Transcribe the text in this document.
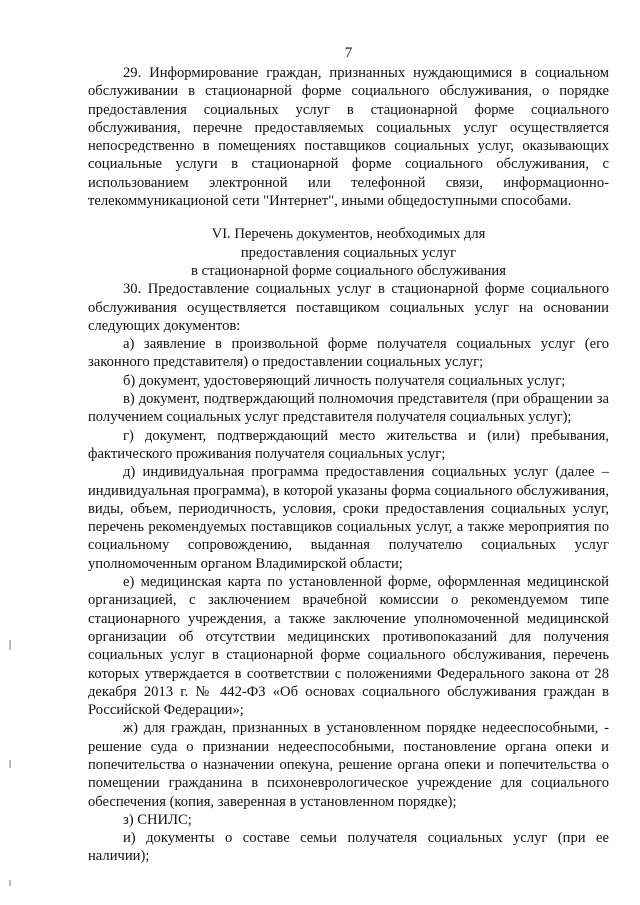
7

29. Информирование граждан, признанных нуждающимися в социальном обслуживании в стационарной форме социального обслуживания, о порядке предоставления социальных услуг в стационарной форме социального обслуживания, перечне предоставляемых социальных услуг осуществляется непосредственно в помещениях поставщиков социальных услуг, оказывающих социальные услуги в стационарной форме социального обслуживания, с использованием электронной или телефонной связи, информационно-телекоммуникационой сети "Интернет", иными общедоступными способами.

VI. Перечень документов, необходимых для
предоставления социальных услуг
в стационарной форме социального обслуживания

30. Предоставление социальных услуг в стационарной форме социального обслуживания осуществляется поставщиком социальных услуг на основании следующих документов:

а) заявление в произвольной форме получателя социальных услуг (его законного представителя) о предоставлении социальных услуг;

б) документ, удостоверяющий личность получателя социальных услуг;

в) документ, подтверждающий полномочия представителя (при обращении за получением социальных услуг представителя получателя социальных услуг);

г) документ, подтверждающий место жительства и (или) пребывания, фактического проживания получателя социальных услуг;

д) индивидуальная программа предоставления социальных услуг (далее – индивидуальная программа), в которой указаны форма социального обслуживания, виды, объем, периодичность, условия, сроки предоставления социальных услуг, перечень рекомендуемых поставщиков социальных услуг, а также мероприятия по социальному сопровождению, выданная получателю социальных услуг уполномоченным органом Владимирской области;

е) медицинская карта по установленной форме, оформленная медицинской организацией, с заключением врачебной комиссии о рекомендуемом типе стационарного учреждения, а также заключение уполномоченной медицинской организации об отсутствии медицинских противопоказаний для получения социальных услуг в стационарной форме социального обслуживания, перечень которых утверждается в соответствии с положениями Федерального закона от 28 декабря 2013 г. № 442-ФЗ «Об основах социального обслуживания граждан в Российской Федерации»;

ж) для граждан, признанных в установленном порядке недееспособными, - решение суда о признании недееспособными, постановление органа опеки и попечительства о назначении опекуна, решение органа опеки и попечительства о помещении гражданина в психоневрологическое учреждение для социального обеспечения (копия, заверенная в установленном порядке);

з) СНИЛС;

и) документы о составе семьи получателя социальных услуг (при ее наличии);
